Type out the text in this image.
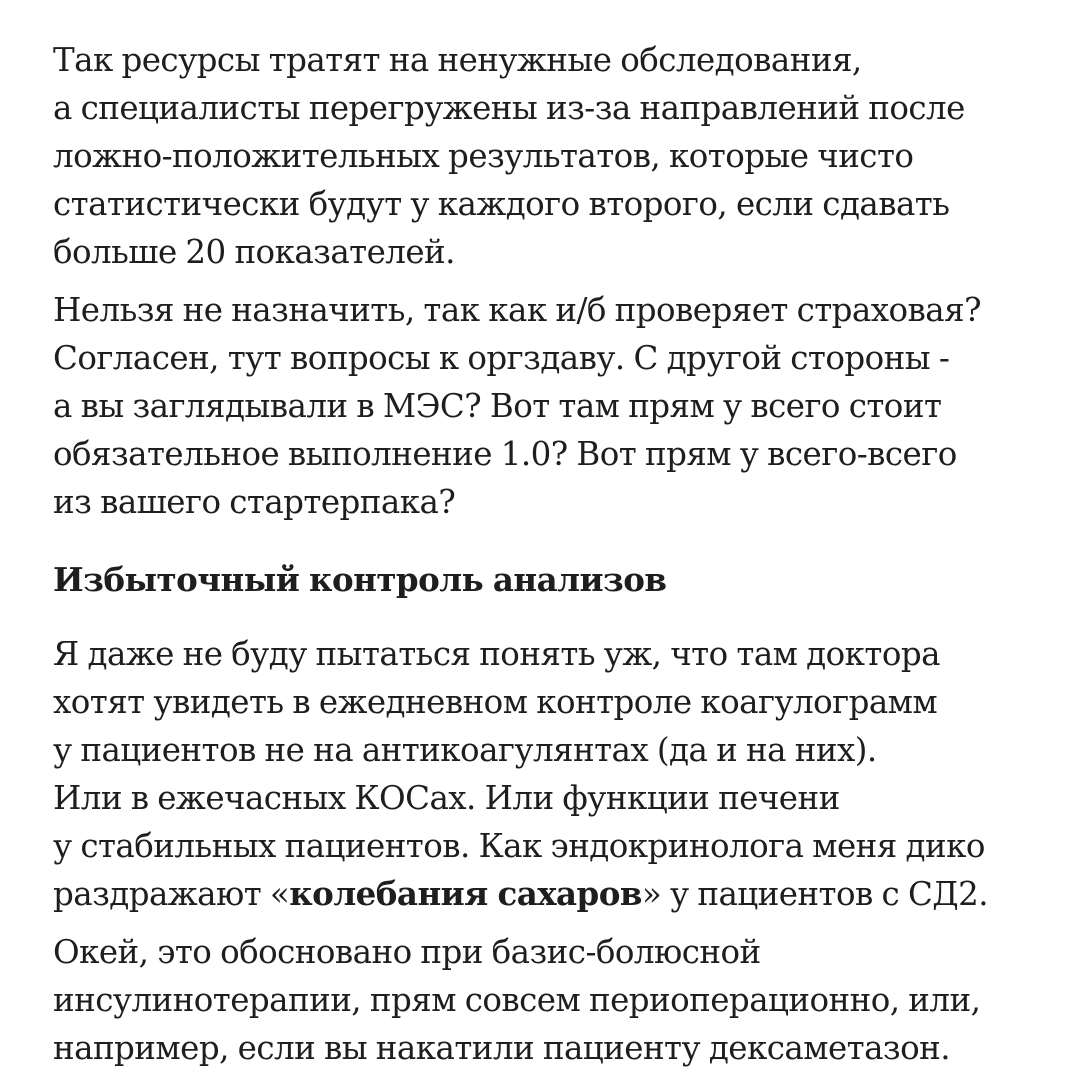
Так ресурсы тратят на ненужные обследования,
а специалисты перегружены из-за направлений после
ложно-положительных результатов, которые чисто
статистически будут у каждого второго, если сдавать
больше 20 показателей.

Нельзя не назначить, так как и/б проверяет страховая?
Согласен, тут вопросы к оргздаву. С другой стороны -
а вы заглядывали в МЭС? Вот там прям у всего стоит
обязательное выполнение 1.0? Вот прям у всего-всего
из вашего стартерпака?

Избыточный контроль анализов

Я даже не буду пытаться понять уж, что там доктора
хотят увидеть в ежедневном контроле коагулограмм
у пациентов не на антикоагулянтах (да и на них).
Или в ежечасных КОСах. Или функции печени
у стабильных пациентов. Как эндокринолога меня дико
раздражают «колебания сахаров» у пациентов с СД2.

Окей, это обосновано при базис-болюсной
инсулинотерапии, прям совсем периоперационно, или,
например, если вы накатили пациенту дексаметазон.
